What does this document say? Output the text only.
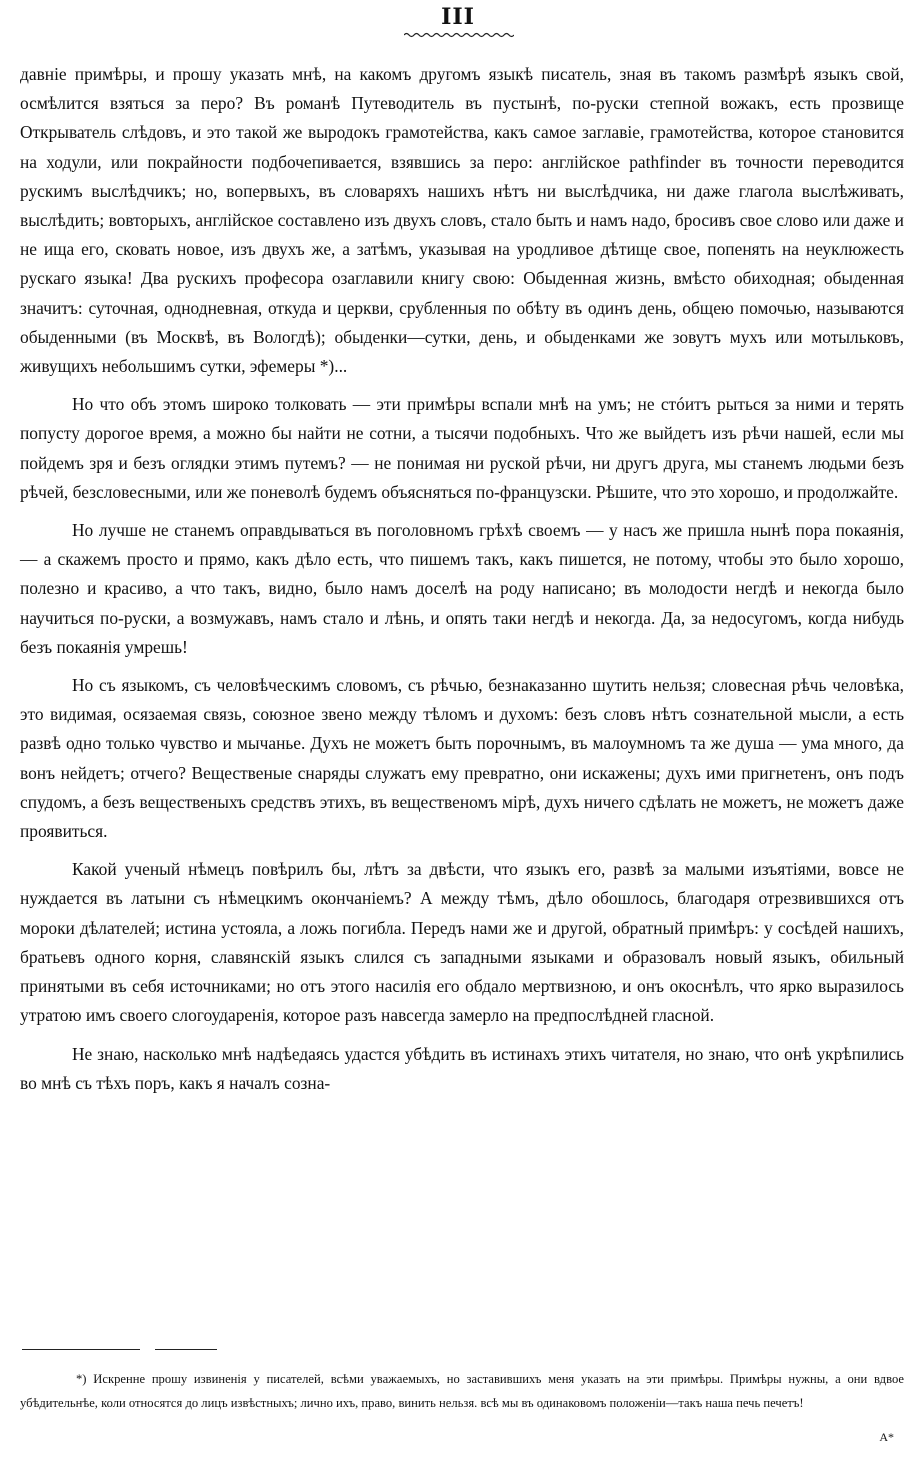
III

давніе примѣры, и прошу указать мнѣ, на какомъ другомъ языкѣ писатель, зная въ такомъ размѣрѣ языкъ свой, осмѣлится взяться за перо? Въ романѣ Путеводитель въ пустынѣ, по-руски степной вожакъ, есть прозвище Открыватель слѣдовъ, и это такой же выродокъ грамотейства, какъ самое заглавіе, грамотейства, которое становится на ходули, или покрайности подбочепивается, взявшись за перо: англійское pathfinder въ точности переводится рускимъ выслѣдчикъ; но, вопервыхъ, въ словаряхъ нашихъ нѣтъ ни выслѣдчика, ни даже глагола выслѣживать, выслѣдить; вовторыхъ, англійское составлено изъ двухъ словъ, стало быть и намъ надо, бросивъ свое слово или даже и не ища его, сковать новое, изъ двухъ же, а затѣмъ, указывая на уродливое дѣтище свое, попенять на неуклюжесть рускаго языка! Два рускихъ професора озаглавили книгу свою: Обыденная жизнь, вмѣсто обиходная; обыденная значитъ: суточная, однодневная, откуда и церкви, срубленныя по обѣту въ одинъ день, общею помочью, называются обыденными (въ Москвѣ, въ Вологдѣ); обыденки—сутки, день, и обыденками же зовутъ мухъ или мотыльковъ, живущихъ небольшимъ сутки, эфемеры *)...

Но что объ этомъ широко толковать — эти примѣры вспали мнѣ на умъ; не стóитъ рыться за ними и терять попусту дорогое время, а можно бы найти не сотни, а тысячи подобныхъ. Что же выйдетъ изъ рѣчи нашей, если мы пойдемъ зря и безъ оглядки этимъ путемъ? — не понимая ни руской рѣчи, ни другъ друга, мы станемъ людьми безъ рѣчей, безсловесными, или же поневолѣ будемъ объясняться по-французски. Рѣшите, что это хорошо, и продолжайте.

Но лучше не станемъ оправдываться въ поголовномъ грѣхѣ своемъ — у насъ же пришла нынѣ пора покаянія, — а скажемъ просто и прямо, какъ дѣло есть, что пишемъ такъ, какъ пишется, не потому, чтобы это было хорошо, полезно и красиво, а что такъ, видно, было намъ доселѣ на роду написано; въ молодости негдѣ и некогда было научиться по-руски, а возмужавъ, намъ стало и лѣнь, и опять таки негдѣ и некогда. Да, за недосугомъ, когда нибудь безъ покаянія умрешь!

Но съ языкомъ, съ человѣческимъ словомъ, съ рѣчью, безнаказанно шутить нельзя; словесная рѣчь человѣка, это видимая, осязаемая связь, союзное звено между тѣломъ и духомъ: безъ словъ нѣтъ сознательной мысли, а есть развѣ одно только чувство и мычанье. Духъ не можетъ быть порочнымъ, въ малоумномъ та же душа — ума много, да вонъ нейдетъ; отчего? Вещественые снаряды служатъ ему превратно, они искажены; духъ ими пригнетенъ, онъ подъ спудомъ, а безъ вещественыхъ средствъ этихъ, въ вещественомъ мірѣ, духъ ничего сдѣлать не можетъ, не можетъ даже проявиться.

Какой ученый нѣмецъ повѣрилъ бы, лѣтъ за двѣсти, что языкъ его, развѣ за малыми изъятіями, вовсе не нуждается въ латыни съ нѣмецкимъ окончаніемъ? А между тѣмъ, дѣло обошлось, благодаря отрезвившихся отъ мороки дѣлателей; истина устояла, а ложь погибла. Передъ нами же и другой, обратный примѣръ: у сосѣдей нашихъ, братьевъ одного корня, славянскій языкъ слился съ западными языками и образовалъ новый языкъ, обильный принятыми въ себя источниками; но отъ этого насилія его обдало мертвизною, и онъ окоснѣлъ, что ярко выразилось утратою имъ своего слогоударенія, которое разъ навсегда замерло на предпослѣдней гласной.

Не знаю, насколько мнѣ надѣедаясь удастся убѣдить въ истинахъ этихъ читателя, но знаю, что онѣ укрѣпились во мнѣ съ тѣхъ поръ, какъ я началъ созна-

*) Искренне прошу извиненія у писателей, всѣми уважаемыхъ, но заставившихъ меня указать на эти примѣры. Примѣры нужны, а они вдвое убѣдительнѣе, коли относятся до лицъ извѣстныхъ; лично ихъ, право, винить нельзя. всѣ мы въ одинаковомъ положеніи—такъ наша печь печетъ!
А*
